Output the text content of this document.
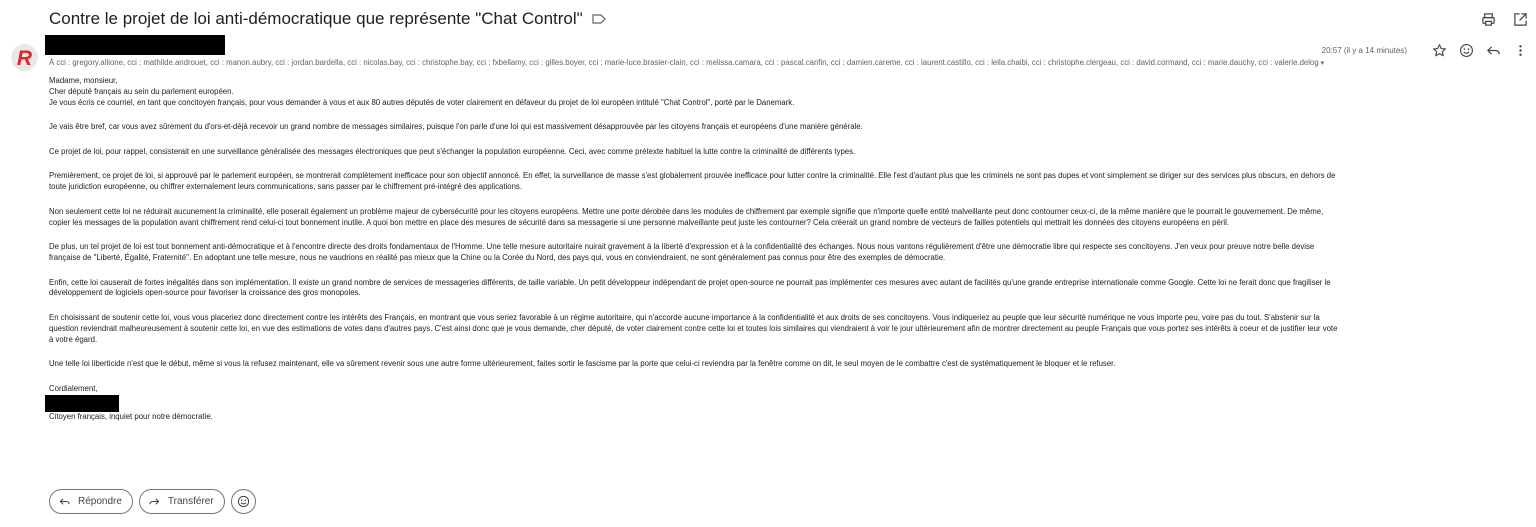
Contre le projet de loi anti-démocratique que représente "Chat Control"
R À cci : gregory.allione, cci : mathilde.androuet, cci : manon.aubry, cci : jordan.bardella, cci : nicolas.bay, cci : christophe.bay, cci : fxbellamy, cci : gilles.boyer, cci : marie-luce.brasier-clain, cci : melissa.camara, cci : pascal.canfin, cci : damien.careme, cci : laurent.castillo, cci : leila.chaibi, cci : christophe.clergeau, cci : david.cormand, cci : marie.dauchy, cci : valerie.delog ▾
20:57 (il y a 14 minutes)

Madame, monsieur,

Cher député français au sein du parlement européen.

Je vous écris ce courriel, en tant que concitoyen français, pour vous demander à vous et aux 80 autres députés de voter clairement en défaveur du projet de loi européen intitulé "Chat Control", porté par le Danemark.

Je vais être bref, car vous avez sûrement du d'ors-et-déjà recevoir un grand nombre de messages similaires, puisque l'on parle d'une loi qui est massivement désapprouvée par les citoyens français et européens d'une manière générale.

Ce projet de loi, pour rappel, consisterait en une surveillance généralisée des messages électroniques que peut s'échanger la population européenne. Ceci, avec comme prétexte habituel la lutte contre la criminalité de différents types.

Premièrement, ce projet de loi, si approuvé par le parlement européen, se montrerait complètement inefficace pour son objectif annoncé. En effet, la surveillance de masse s'est globalement prouvée inefficace pour lutter contre la criminalité. Elle l'est d'autant plus que les criminels ne sont pas dupes et vont simplement se diriger sur des services plus obscurs, en dehors de

toute juridiction européenne, ou chiffrer externalement leurs communications, sans passer par le chiffrement pré-intégré des applications.

Non seulement cette loi ne réduirait aucunement la criminalité, elle poserait également un problème majeur de cybersécurité pour les citoyens européens. Mettre une porte dérobée dans les modules de chiffrement par exemple signifie que n'importe quelle entité malveillante peut donc contourner ceux-ci, de la même manière que le pourrait le gouvernement. De même,

copier les messages de la population avant chiffrement rend celui-ci tout bonnement inutile. A quoi bon mettre en place des mesures de sécurité dans sa messagerie si une personne malveillante peut juste les contourner? Cela créerait un grand nombre de vecteurs de failles potentiels qui mettrait les données des citoyens européens en péril.

De plus, un tel projet de loi est tout bonnement anti-démocratique et à l'encontre directe des droits fondamentaux de l'Homme. Une telle mesure autoritaire nuirait gravement à la liberté d'expression et à la confidentialité des échanges. Nous nous vantons régulièrement d'être une démocratie libre qui respecte ses concitoyens. J'en veux pour preuve notre belle devise

française de "Liberté, Égalité, Fraternité". En adoptant une telle mesure, nous ne vaudrions en réalité pas mieux que la Chine ou la Corée du Nord, des pays qui, vous en conviendraient, ne sont généralement pas connus pour être des exemples de démocratie.

Enfin, cette loi causerait de fortes inégalités dans son implémentation. Il existe un grand nombre de services de messageries différents, de taille variable. Un petit développeur indépendant de projet open-source ne pourrait pas implémenter ces mesures avec autant de facilités qu'une grande entreprise internationale comme Google. Cette loi ne ferait donc que fragiliser le

développement de logiciels open-source pour favoriser la croissance des gros monopoles.

En choisissant de soutenir cette loi, vous vous placeriez donc directement contre les intérêts des Français, en montrant que vous seriez favorable à un régime autoritaire, qui n'accorde aucune importance à la confidentialité et aux droits de ses concitoyens. Vous indiqueriez au peuple que leur sécurité numérique ne vous importe peu, voire pas du tout. S'abstenir sur la

question reviendrait malheureusement à soutenir cette loi, en vue des estimations de votes dans d'autres pays. C'est ainsi donc que je vous demande, cher député, de voter clairement contre cette loi et toutes lois similaires qui viendraient à voir le jour ultérieurement afin de montrer directement au peuple Français que vous portez ses intérêts à coeur et de justifier leur vote

à votre égard.

Une telle loi liberticide n'est que le début, même si vous la refusez maintenant, elle va sûrement revenir sous une autre forme ultérieurement, faites sortir le fascisme par la porte que celui-ci reviendra par la fenêtre comme on dit, le seul moyen de le combattre c'est de systématiquement le bloquer et le refuser.

Cordialement,

Citoyen français, inquiet pour notre démocratie.

Répondre	Transférer
